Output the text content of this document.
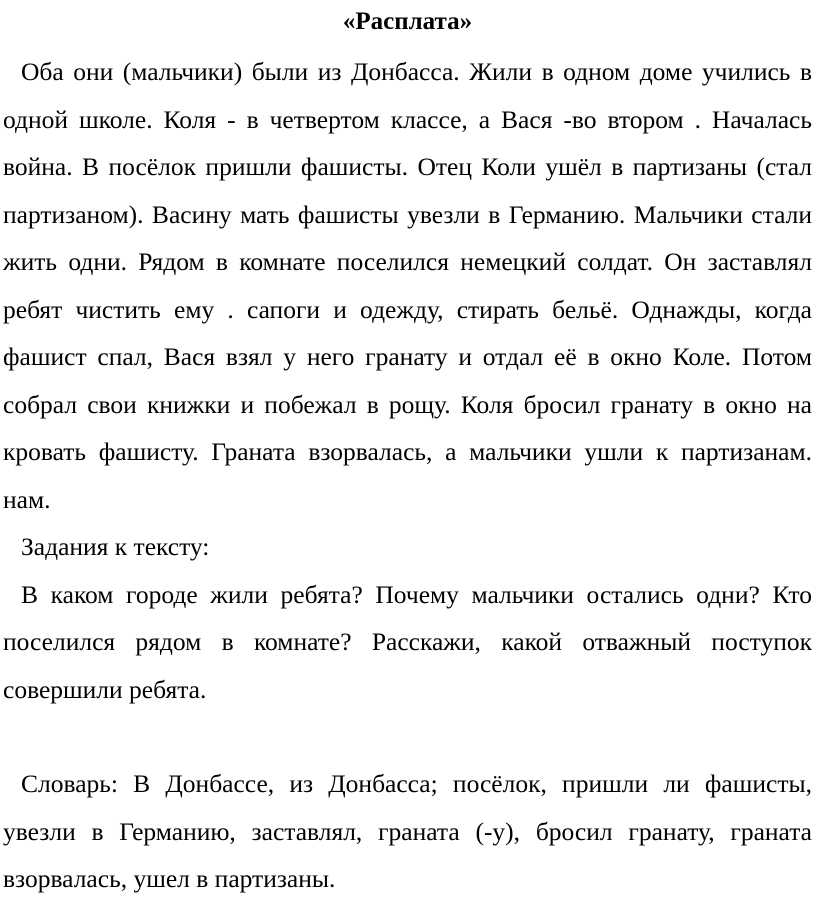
«Расплата»

Оба они (мальчики) были из Донбасса. Жили в одном доме учились в одной школе. Коля - в четвертом классе, а Вася -во втором . Началась война. В посёлок пришли фашисты. Отец Коли ушёл в партизаны (стал партизаном). Васину мать фашисты увезли в Германию. Мальчики стали жить одни. Рядом в комнате поселился немецкий солдат. Он заставлял ребят чистить ему . сапоги и одежду, стирать бельё. Однажды, когда фашист спал, Вася взял у него гранату и отдал её в окно Коле. Потом собрал свои книжки и побежал в рощу. Коля бросил гранату в окно на кровать фашисту. Граната взорвалась, а мальчики ушли к партизанам. нам.

Задания к тексту:

В каком городе жили ребята? Почему мальчики остались одни? Кто поселился рядом в комнате? Расскажи, какой отважный поступок совершили ребята.

Словарь: В Донбассе, из Донбасса; посёлок, пришли ли фашисты, увезли в Германию, заставлял, граната (-у), бросил гранату, граната взорвалась, ушел в партизаны.
